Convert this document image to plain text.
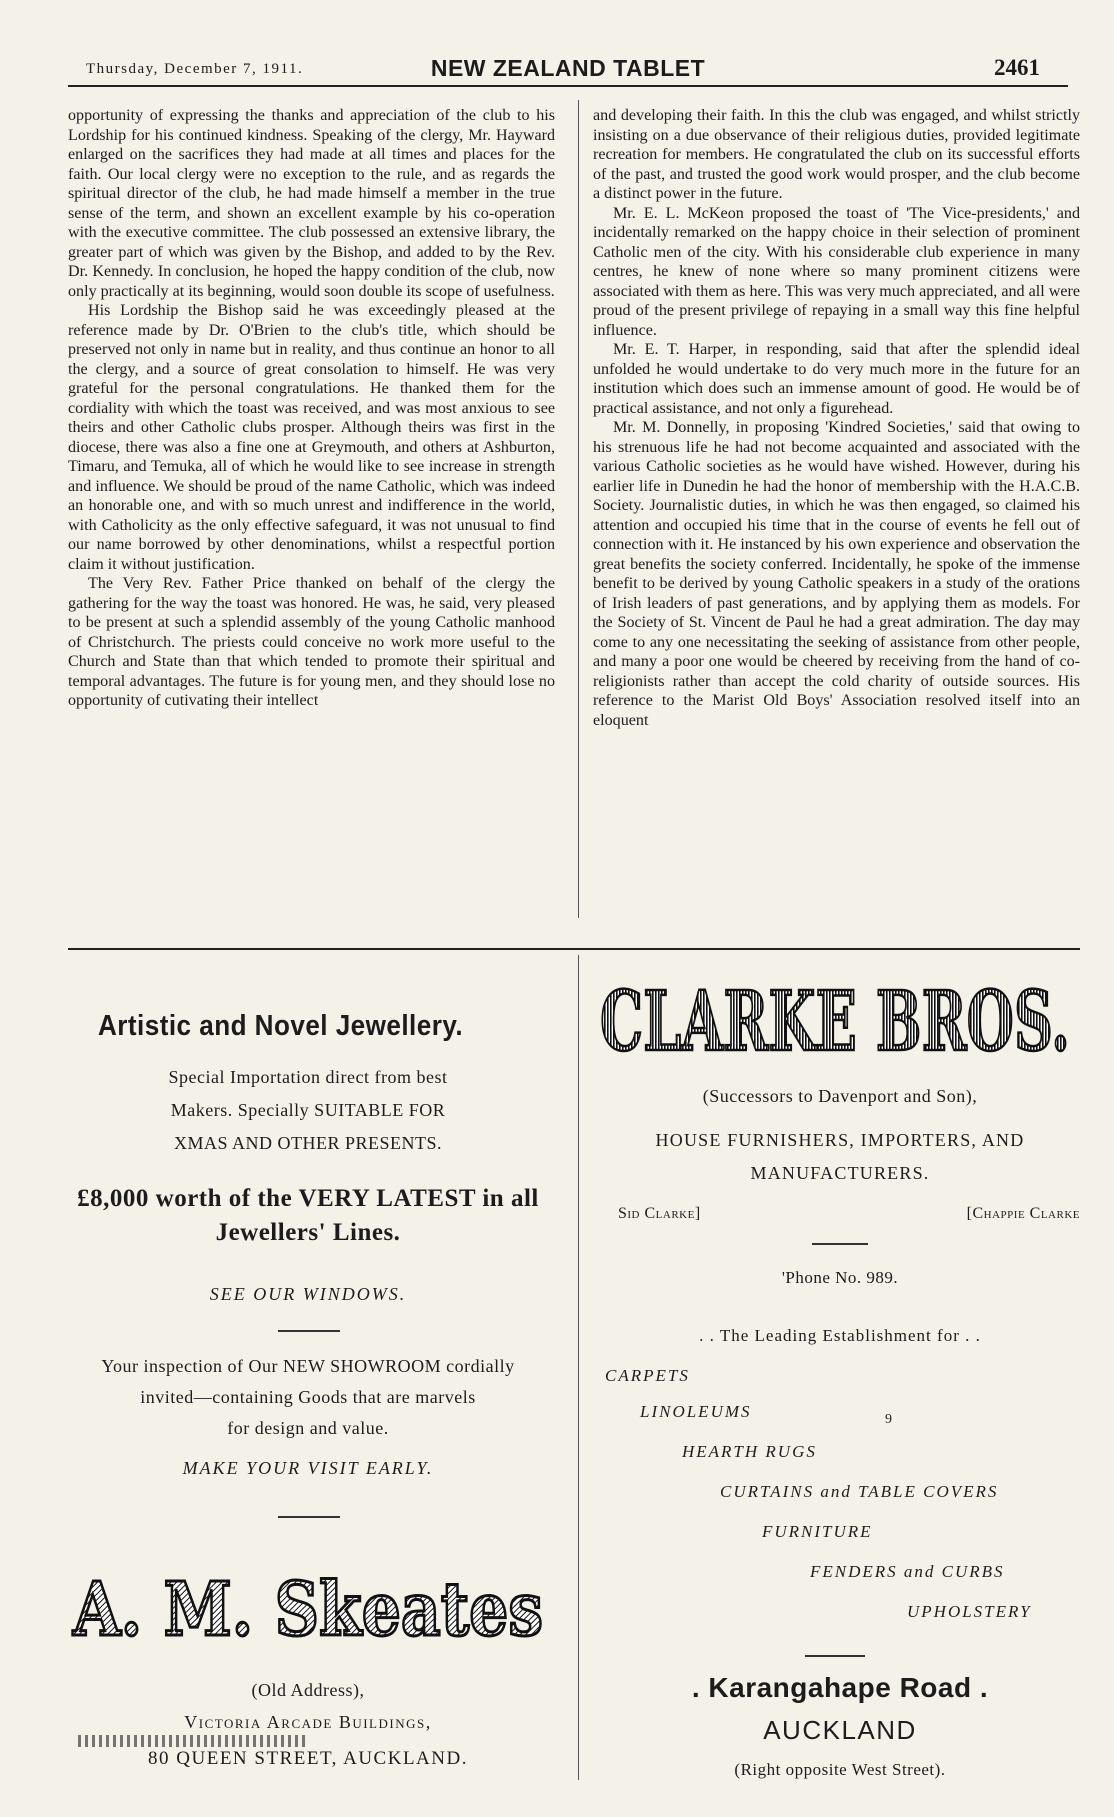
Thursday, December 7, 1911.	NEW ZEALAND TABLET	2461

opportunity of expressing the thanks and appreciation of the club to his Lordship for his continued kindness. Speaking of the clergy, Mr. Hayward enlarged on the sacrifices they had made at all times and places for the faith. Our local clergy were no exception to the rule, and as regards the spiritual director of the club, he had made himself a member in the true sense of the term, and shown an excellent example by his co-operation with the executive committee. The club possessed an extensive library, the greater part of which was given by the Bishop, and added to by the Rev. Dr. Kennedy. In conclusion, he hoped the happy condition of the club, now only practically at its beginning, would soon double its scope of usefulness.

His Lordship the Bishop said he was exceedingly pleased at the reference made by Dr. O'Brien to the club's title, which should be preserved not only in name but in reality, and thus continue an honor to all the clergy, and a source of great consolation to himself. He was very grateful for the personal congratulations. He thanked them for the cordiality with which the toast was received, and was most anxious to see theirs and other Catholic clubs prosper. Although theirs was first in the diocese, there was also a fine one at Greymouth, and others at Ashburton, Timaru, and Temuka, all of which he would like to see increase in strength and influence. We should be proud of the name Catholic, which was indeed an honorable one, and with so much unrest and indifference in the world, with Catholicity as the only effective safeguard, it was not unusual to find our name borrowed by other denominations, whilst a respectful portion claim it without justification.

The Very Rev. Father Price thanked on behalf of the clergy the gathering for the way the toast was honored. He was, he said, very pleased to be present at such a splendid assembly of the young Catholic manhood of Christchurch. The priests could conceive no work more useful to the Church and State than that which tended to promote their spiritual and temporal advantages. The future is for young men, and they should lose no opportunity of cutivating their intellect

and developing their faith. In this the club was engaged, and whilst strictly insisting on a due observance of their religious duties, provided legitimate recreation for members. He congratulated the club on its successful efforts of the past, and trusted the good work would prosper, and the club become a distinct power in the future.

Mr. E. L. McKeon proposed the toast of 'The Vice-presidents,' and incidentally remarked on the happy choice in their selection of prominent Catholic men of the city. With his considerable club experience in many centres, he knew of none where so many prominent citizens were associated with them as here. This was very much appreciated, and all were proud of the present privilege of repaying in a small way this fine helpful influence.

Mr. E. T. Harper, in responding, said that after the splendid ideal unfolded he would undertake to do very much more in the future for an institution which does such an immense amount of good. He would be of practical assistance, and not only a figurehead.

Mr. M. Donnelly, in proposing 'Kindred Societies,' said that owing to his strenuous life he had not become acquainted and associated with the various Catholic societies as he would have wished. However, during his earlier life in Dunedin he had the honor of membership with the H.A.C.B. Society. Journalistic duties, in which he was then engaged, so claimed his attention and occupied his time that in the course of events he fell out of connection with it. He instanced by his own experience and observation the great benefits the society conferred. Incidentally, he spoke of the immense benefit to be derived by young Catholic speakers in a study of the orations of Irish leaders of past generations, and by applying them as models. For the Society of St. Vincent de Paul he had a great admiration. The day may come to any one necessitating the seeking of assistance from other people, and many a poor one would be cheered by receiving from the hand of co-religionists rather than accept the cold charity of outside sources. His reference to the Marist Old Boys' Association resolved itself into an eloquent

Artistic and Novel Jewellery.
Special Importation direct from best
Makers. Specially SUITABLE FOR
XMAS AND OTHER PRESENTS.
£8,000 worth of the VERY LATEST in all
Jewellers' Lines.
SEE OUR WINDOWS.
Your inspection of Our NEW SHOWROOM cordially
invited—containing Goods that are marvels
for design and value.
MAKE YOUR VISIT EARLY.
A. M. Skeates
(Old Address),
Victoria Arcade Buildings,
80 QUEEN STREET, AUCKLAND.
CLARKE BROS.
(Successors to Davenport and Son),
HOUSE FURNISHERS, IMPORTERS, AND
MANUFACTURERS.
Sid Clarke]	[Chappie Clarke
'Phone No. 989.
. . The Leading Establishment for . .
CARPETS
LINOLEUMS	9
HEARTH RUGS
CURTAINS and TABLE COVERS
FURNITURE
FENDERS and CURBS
UPHOLSTERY
. Karangahape Road .
AUCKLAND
(Right opposite West Street).
